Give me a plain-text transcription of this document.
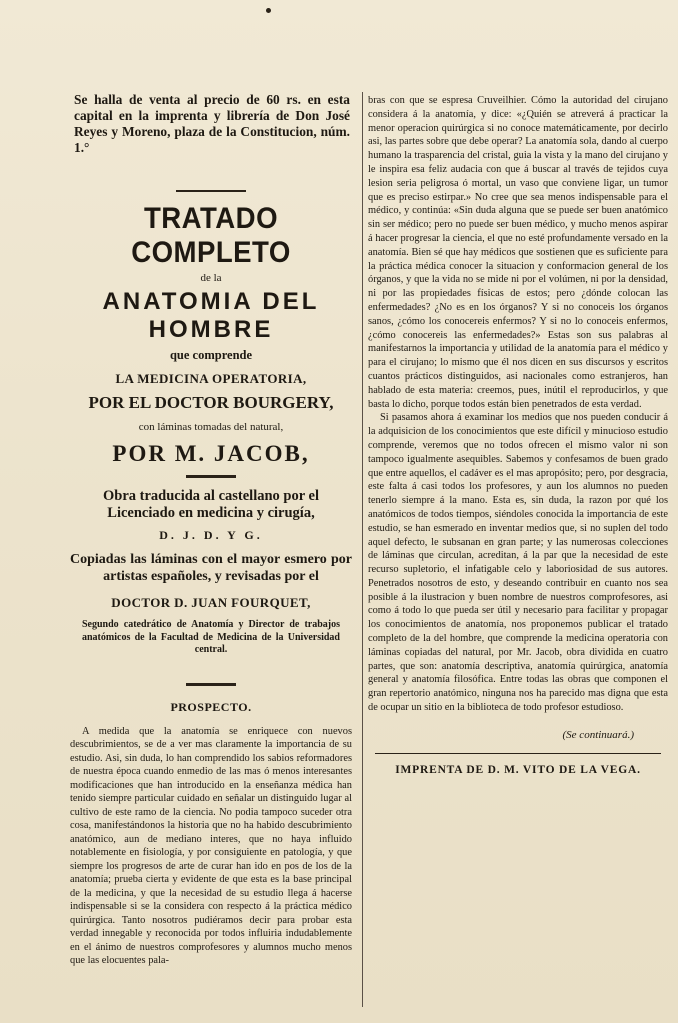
Se halla de venta al precio de 60 rs. en esta capital en la imprenta y librería de Don José Reyes y Moreno, plaza de la Constitucion, núm. 1.°
TRATADO COMPLETO
de la
ANATOMIA DEL HOMBRE
que comprende
LA MEDICINA OPERATORIA,
POR EL DOCTOR BOURGERY,
con láminas tomadas del natural,
POR M. JACOB,
Obra traducida al castellano por el Licenciado en medicina y cirugía,
D. J. D. Y G.
Copiadas las láminas con el mayor esmero por artistas españoles, y revisadas por el
DOCTOR D. JUAN FOURQUET,
Segundo catedrático de Anatomía y Director de trabajos anatómicos de la Facultad de Medicina de la Universidad central.
PROSPECTO.
A medida que la anatomía se enriquece con nuevos descubrimientos, se de a ver mas claramente la importancia de su estudio. Asi, sin duda, lo han comprendido los sabios reformadores de nuestra época cuando enmedio de las mas ó menos interesantes modificaciones que han introducido en la enseñanza médica han tenido siempre particular cuidado en señalar un distinguido lugar al cultivo de este ramo de la ciencia. No podia tampoco suceder otra cosa, manifestándonos la historia que no ha habido descubrimiento anatómico, aun de mediano interes, que no haya influido notablemente en fisiología, y por consiguiente en patología, y que siempre los progresos de arte de curar han ido en pos de los de la anatomía; prueba cierta y evidente de que esta es la base principal de la medicina, y que la necesidad de su estudio llega á hacerse indispensable si se la considera con respecto á la práctica médico quirúrgica. Tanto nosotros pudiéramos decir para probar esta verdad innegable y reconocida por todos influiria indudablemente en el ánimo de nuestros comprofesores y alumnos mucho menos que las elocuentes pala-
bras con que se espresa Cruveilhier. Cómo la autoridad del cirujano considera á la anatomía, y dice: «¿Quién se atreverá á practicar la menor operacion quirúrgica si no conoce matemáticamente, por decirlo asi, las partes sobre que debe operar? La anatomía sola, dando al cuerpo humano la trasparencia del cristal, guia la vista y la mano del cirujano y le inspira esa feliz audacia con que á buscar al través de tejidos cuya lesion seria peligrosa ó mortal, un vaso que conviene ligar, un tumor que es preciso estirpar.» No cree que sea menos indispensable para el médico, y continúa: «Sin duda alguna que se puede ser buen anatómico sin ser médico; pero no puede ser buen médico, y mucho menos aspirar á hacer progresar la ciencia, el que no esté profundamente versado en la anatomía. Bien sé que hay médicos que sostienen que es suficiente para la práctica médica conocer la situacion y conformacion general de los órganos, y que la vida no se mide ni por el volúmen, ni por la densidad, ni por las propiedades físicas de estos; pero ¿dónde colocan las enfermedades? ¿No es en los órganos? Y si no conoceis los órganos sanos, ¿cómo los conocereis enfermos? Y si no lo conoceis enfermos, ¿cómo conocereis las enfermedades?» Estas son sus palabras al manifestarnos la importancia y utilidad de la anatomía para el médico y para el cirujano; lo mismo que él nos dicen en sus discursos y escritos cuantos prácticos distinguidos, asi nacionales como estranjeros, han hablado de esta materia: creemos, pues, inútil el reproducirlos, y que basta lo dicho, porque todos están bien penetrados de esta verdad.
Si pasamos ahora á examinar los medios que nos pueden conducir á la adquisicion de los conocimientos que este difícil y minucioso estudio comprende, veremos que no todos ofrecen el mismo valor ni son tampoco igualmente asequibles. Sabemos y confesamos de buen grado que entre aquellos, el cadáver es el mas apropósito; pero, por desgracia, este falta á casi todos los profesores, y aun los alumnos no pueden tenerlo siempre á la mano. Esta es, sin duda, la razon por qué los anatómicos de todos tiempos, siéndoles conocida la importancia de este estudio, se han esmerado en inventar medios que, si no suplen del todo aquel defecto, le subsanan en gran parte; y las numerosas colecciones de láminas que circulan, acreditan, á la par que la necesidad de este recurso supletorio, el infatigable celo y laboriosidad de sus autores. Penetrados nosotros de esto, y deseando contribuir en cuanto nos sea posible á la ilustracion y buen nombre de nuestros comprofesores, asi como á todo lo que pueda ser útil y necesario para facilitar y propagar los conocimientos de anatomía, nos proponemos publicar el tratado completo de la del hombre, que comprende la medicina operatoria con láminas copiadas del natural, por Mr. Jacob, obra dividida en cuatro partes, que son: anatomía descriptiva, anatomía quirúrgica, anatomía general y anatomía filosófica. Entre todas las obras que componen el gran repertorio anatómico, ninguna nos ha parecido mas digna que esta de ocupar un sitio en la biblioteca de todo profesor estudioso.
(Se continuará.)
IMPRENTA DE D. M. VITO DE LA VEGA.
